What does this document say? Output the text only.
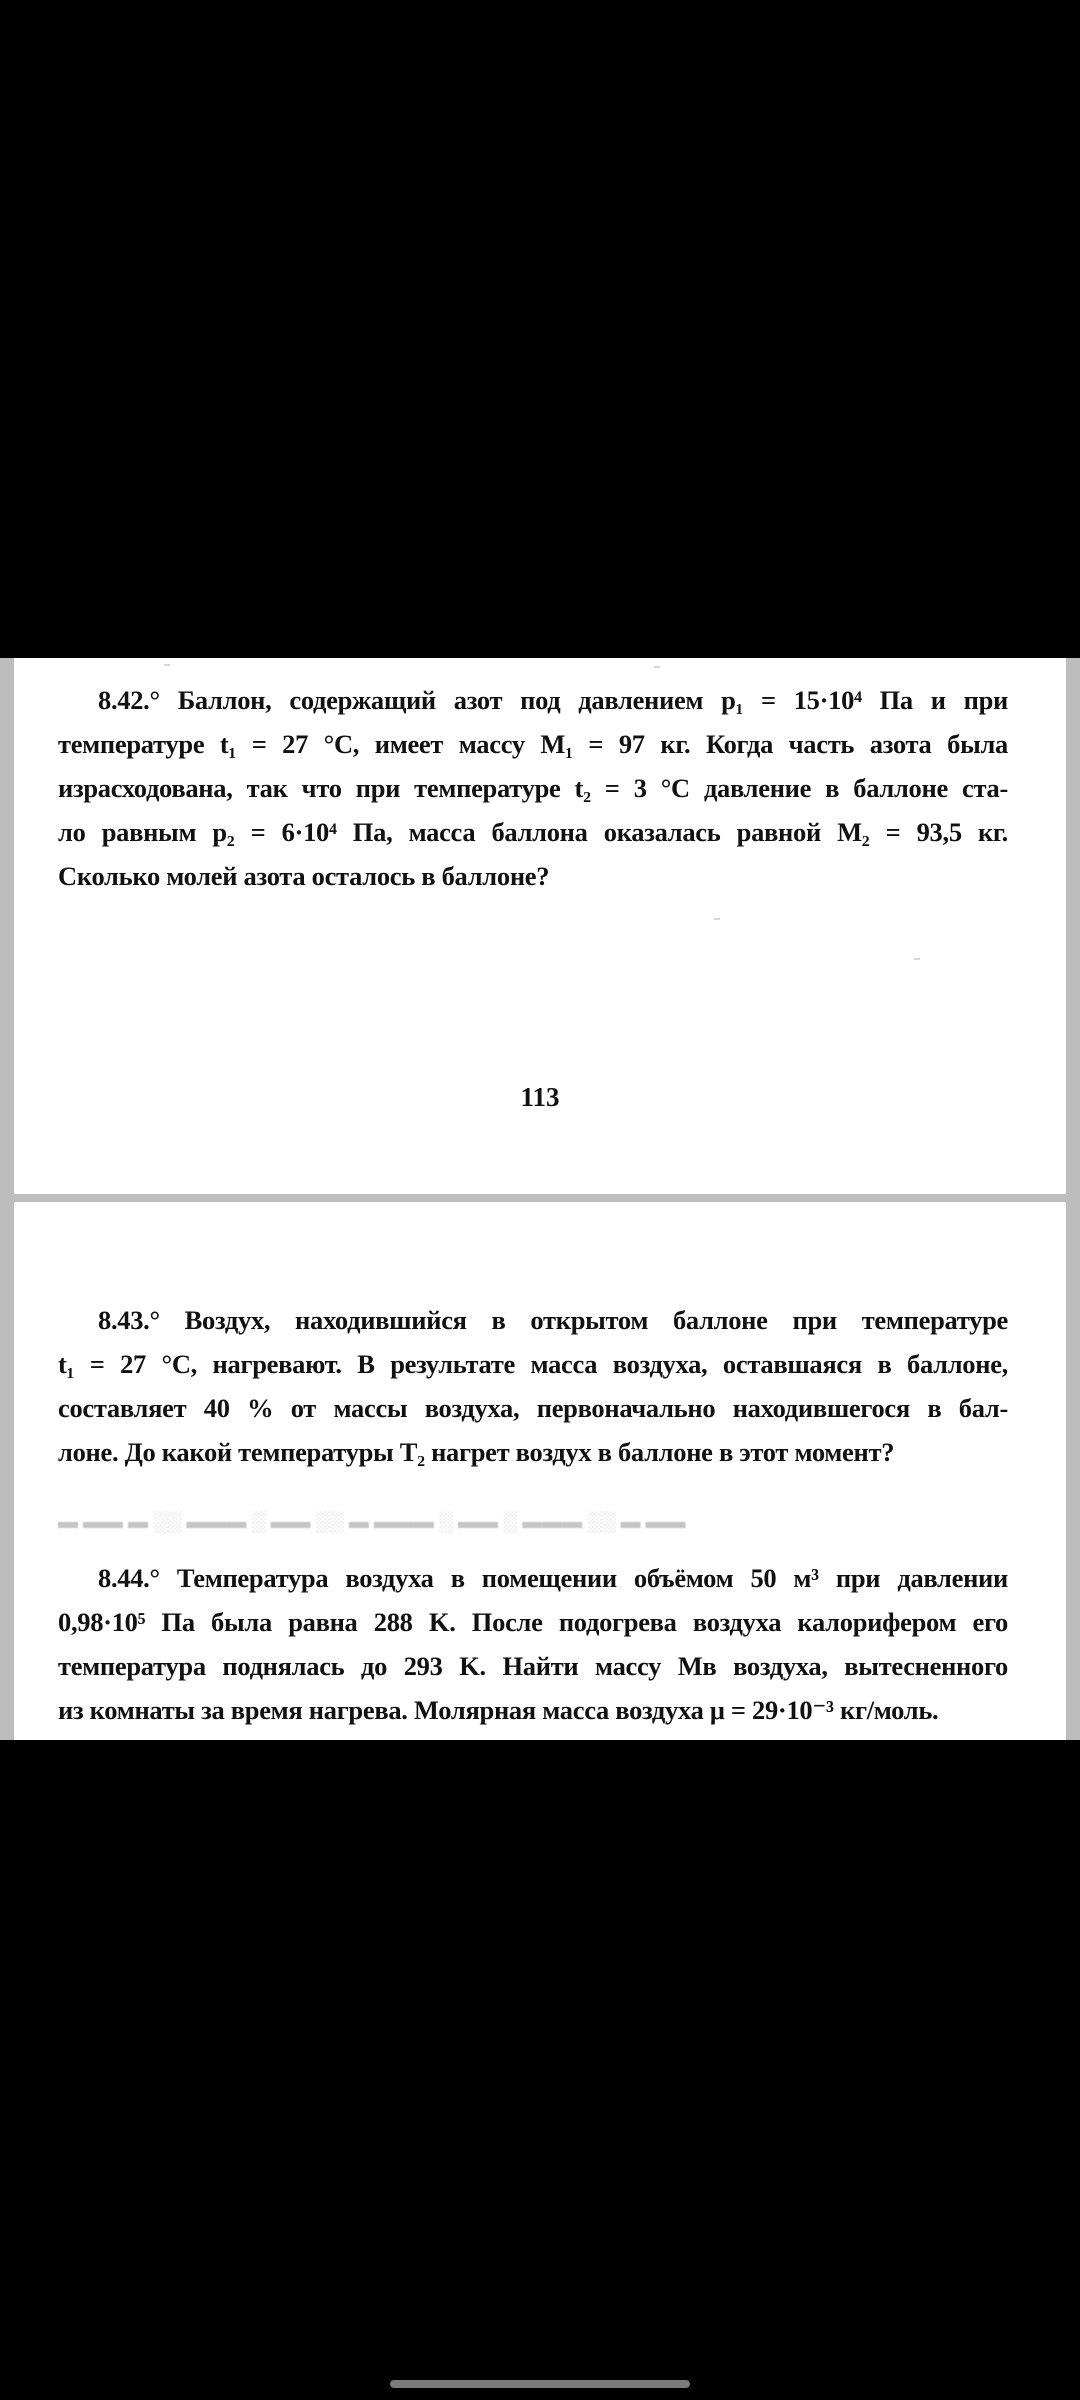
8.42.° Баллон, содержащий азот под давлением p₁ = 15·10⁴ Па и при
температуре t₁ = 27 °C, имеет массу M₁ = 97 кг. Когда часть азота была
израсходована, так что при температуре t₂ = 3 °C давление в баллоне ста-
ло равным p₂ = 6·10⁴ Па, масса баллона оказалась равной M₂ = 93,5 кг.
Сколько молей азота осталось в баллоне?
113
8.43.° Воздух, находившийся в открытом баллоне при температуре
t₁ = 27 °C, нагревают. В результате масса воздуха, оставшаяся в баллоне,
составляет 40 % от массы воздуха, первоначально находившегося в бал-
лоне. До какой температуры T₂ нагрет воздух в баллоне в этот момент?
▬ ▬▬ ▬ ░░ ▬▬▬ ░ ▬▬ ░░ ▬ ▬▬▬ ░ ▬▬ ░ ▬▬▬ ░░ ▬ ▬▬
8.44.° Температура воздуха в помещении объёмом 50 м³ при давлении
0,98·10⁵ Па была равна 288 K. После подогрева воздуха калорифером его
температура поднялась до 293 K. Найти массу Mв воздуха, вытесненного
из комнаты за время нагрева. Молярная масса воздуха μ = 29·10⁻³ кг/моль.
